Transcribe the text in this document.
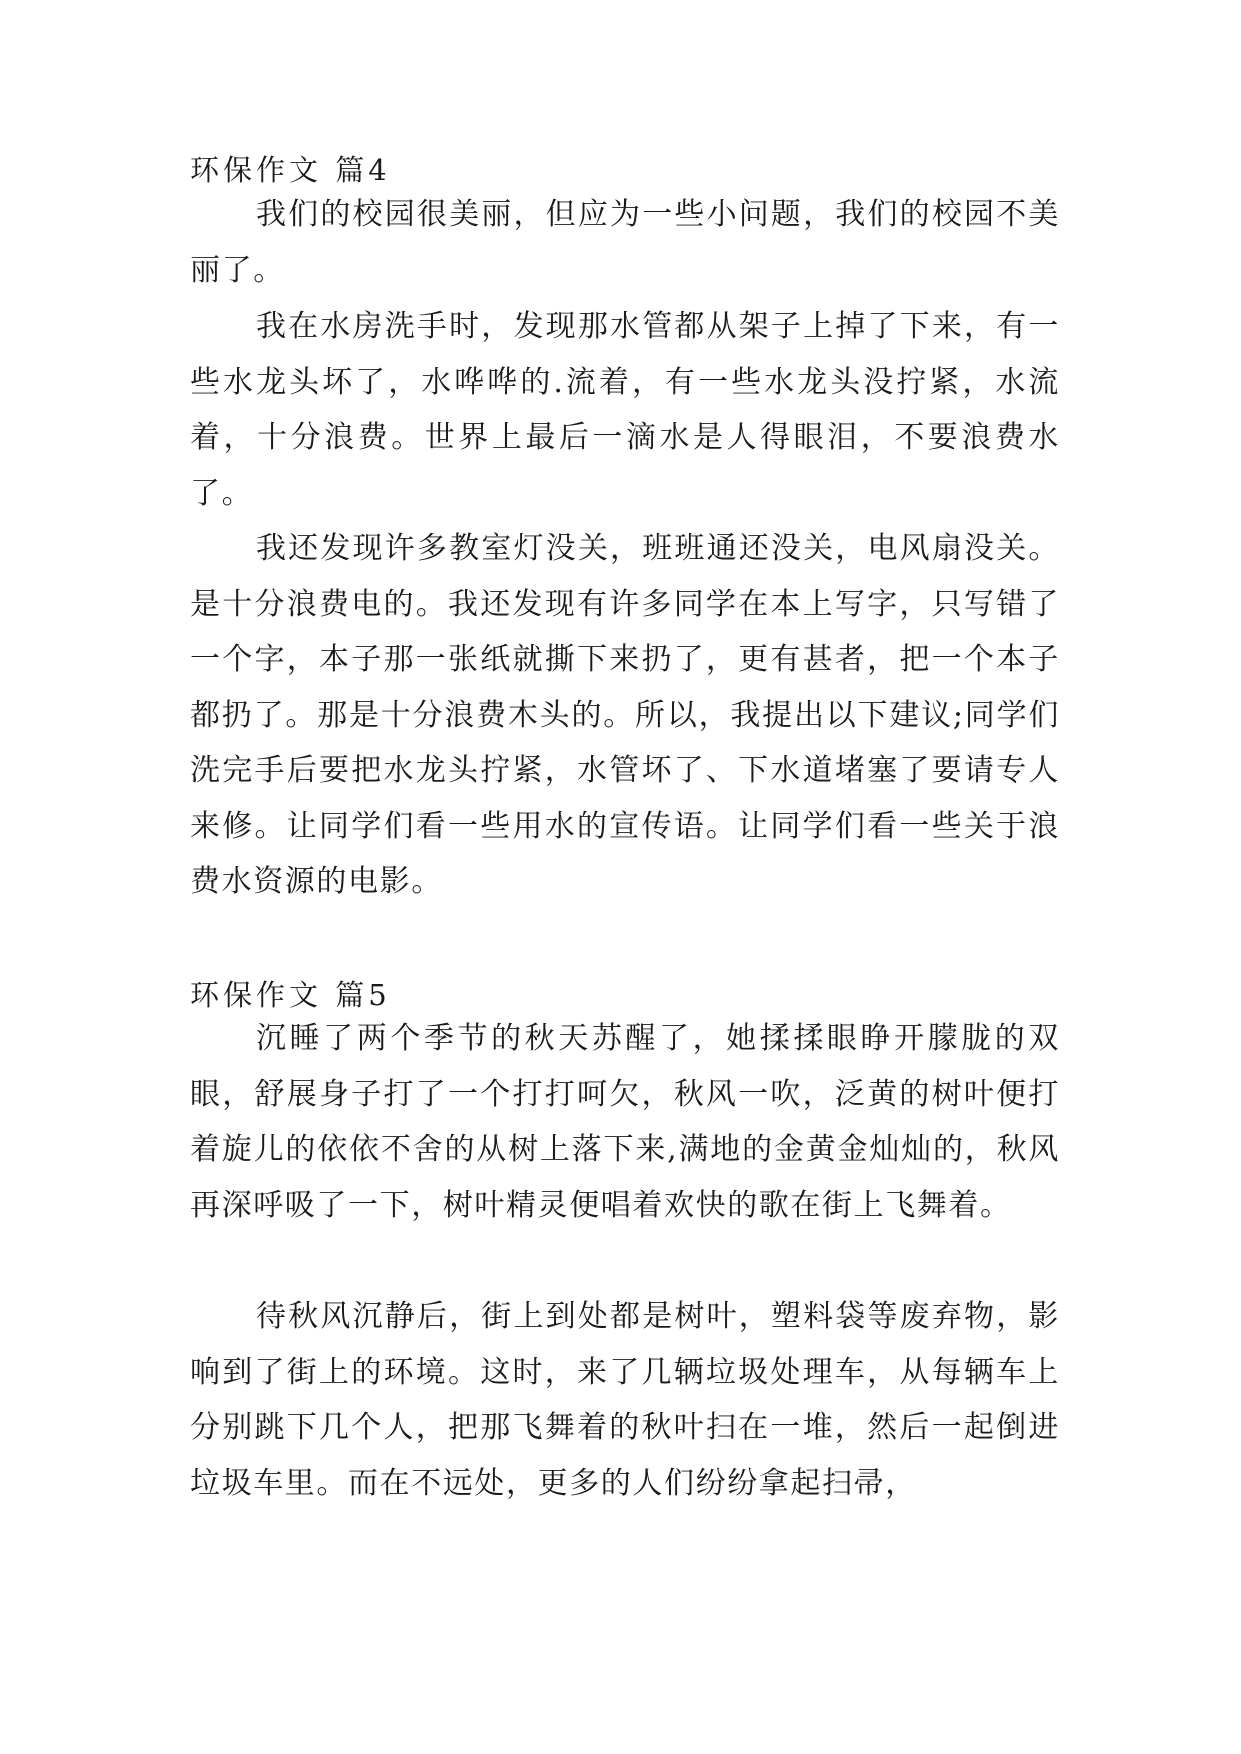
环保作文 篇4

我们的校园很美丽，但应为一些小问题，我们的校园不美丽了。

我在水房洗手时，发现那水管都从架子上掉了下来，有一些水龙头坏了，水哗哗的.流着，有一些水龙头没拧紧，水流着，十分浪费。世界上最后一滴水是人得眼泪，不要浪费水了。

我还发现许多教室灯没关，班班通还没关，电风扇没关。是十分浪费电的。我还发现有许多同学在本上写字，只写错了一个字，本子那一张纸就撕下来扔了，更有甚者，把一个本子都扔了。那是十分浪费木头的。所以，我提出以下建议;同学们洗完手后要把水龙头拧紧，水管坏了、下水道堵塞了要请专人来修。让同学们看一些用水的宣传语。让同学们看一些关于浪费水资源的电影。

环保作文 篇5

沉睡了两个季节的秋天苏醒了，她揉揉眼睁开朦胧的双眼，舒展身子打了一个打打呵欠，秋风一吹，泛黄的树叶便打着旋儿的依依不舍的从树上落下来,满地的金黄金灿灿的，秋风再深呼吸了一下，树叶精灵便唱着欢快的歌在街上飞舞着。

待秋风沉静后，街上到处都是树叶，塑料袋等废弃物，影响到了街上的环境。这时，来了几辆垃圾处理车，从每辆车上分别跳下几个人，把那飞舞着的秋叶扫在一堆，然后一起倒进垃圾车里。而在不远处，更多的人们纷纷拿起扫帚，
